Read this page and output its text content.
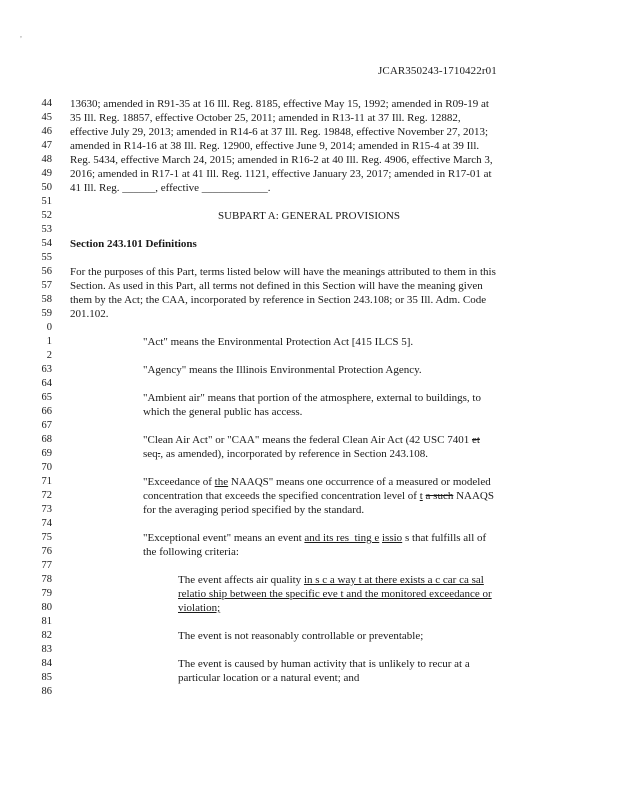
,
JCAR350243-1710422r01
44 13630; amended in R91-35 at 16 Ill. Reg. 8185, effective May 15, 1992; amended in R09-19 at
45 35 Ill. Reg. 18857, effective October 25, 2011; amended in R13-11 at 37 Ill. Reg. 12882,
46 effective July 29, 2013; amended in R14-6 at 37 Ill. Reg. 19848, effective November 27, 2013;
47 amended in R14-16 at 38 Ill. Reg. 12900, effective June 9, 2014; amended in R15-4 at 39 Ill.
48 Reg. 5434, effective March 24, 2015; amended in R16-2 at 40 Ill. Reg. 4906, effective March 3,
49 2016; amended in R17-1 at 41 Ill. Reg. 1121, effective January 23, 2017; amended in R17-01 at
50 41 Ill. Reg. ______, effective ____________.
51
52	SUBPART A: GENERAL PROVISIONS
53
54 Section 243.101 Definitions
55
56 For the purposes of this Part, terms listed below will have the meanings attributed to them in this
57 Section. As used in this Part, all terms not defined in this Section will have the meaning given
58 them by the Act; the CAA, incorporated by reference in Section 243.108; or 35 Ill. Adm. Code
59 201.102.
0
1	"Act" means the Environmental Protection Act [415 ILCS 5].
2
63	"Agency" means the Illinois Environmental Protection Agency.
64
65	"Ambient air" means that portion of the atmosphere, external to buildings, to
66	which the general public has access.
67
68	"Clean Air Act" or "CAA" means the federal Clean Air Act (42 USC 7401 et
69	seq., as amended), incorporated by reference in Section 243.108.
70
71	"Exceedance of the NAAQS" means one occurrence of a measured or modeled
72	concentration that exceeds the specified concentration level of t a such NAAQS
73	for the averaging period specified by the standard.
74
75	"Exceptional event" means an event and its res_ting e issio s that fulfills all of
76	the following criteria:
77
78	The event affects air quality in s c a way t at there exists a c car ca sal
79	relatio ship between the specific eve t and the monitored exceedance or
80	violation;
81
82	The event is not reasonably controllable or preventable;
83
84	The event is caused by human activity that is unlikely to recur at a
85	particular location or a natural event; and
86
